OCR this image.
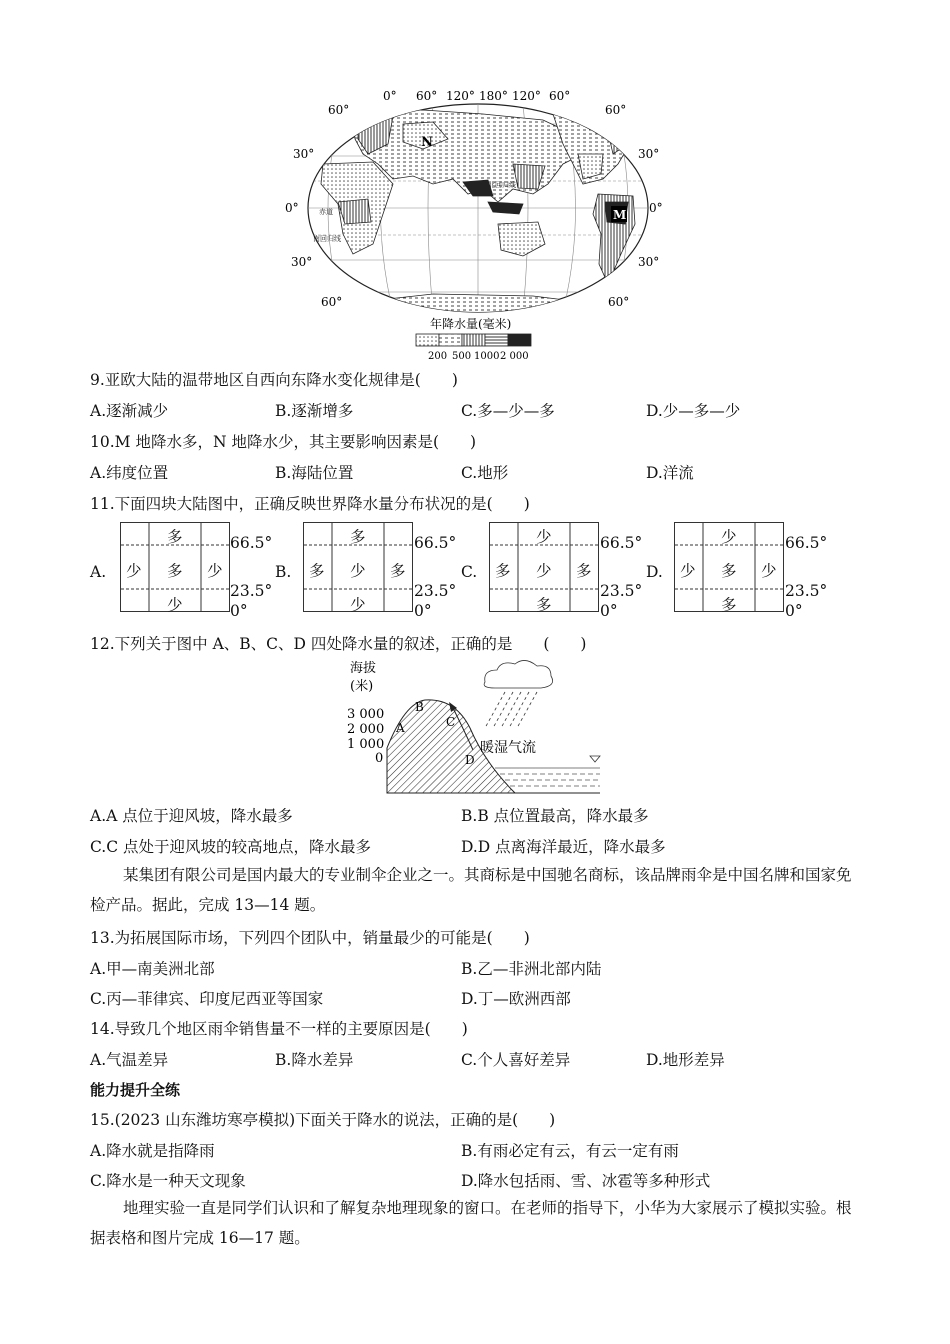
北回归线
赤道
南回归线
N
M
0° 60° 120° 180° 120° 60°
60°
30°
0°
30°
60°
60°
30°
0°
30°
60°
年降水量(毫米)
200 500 1000 2 000
9.亚欧大陆的温带地区自西向东降水变化规律是(　　)
A.逐渐减少	B.逐渐增多	C.多—少—多	D.少—多—少
10.M 地降水多，N 地降水少，其主要影响因素是(　　)
A.纬度位置	B.海陆位置	C.地形	D.洋流
11.下面四块大陆图中，正确反映世界降水量分布状况的是(　　)
A.
多
少 多 少
少
66.5°
23.5°
0°
B.
多
多 少 多
少
66.5°
23.5°
0°
C.
少
多 少 多
多
66.5°
23.5°
0°
D.
少
少 多 少
多
66.5°
23.5°
0°
12.下列关于图中 A、B、C、D 四处降水量的叙述，正确的是　　(　　)
暖湿气流
海拔
(米)
3 000
2 000
1 000
0
A
B
C
D
A.A 点位于迎风坡，降水最多	B.B 点位置最高，降水最多
C.C 点处于迎风坡的较高地点，降水最多	D.D 点离海洋最近，降水最多
某集团有限公司是国内最大的专业制伞企业之一。其商标是中国驰名商标，该品牌雨伞是中国名牌和国家免检产品。据此，完成 13—14 题。
13.为拓展国际市场，下列四个团队中，销量最少的可能是(　　)
A.甲—南美洲北部	B.乙—非洲北部内陆
C.丙—菲律宾、印度尼西亚等国家	D.丁—欧洲西部
14.导致几个地区雨伞销售量不一样的主要原因是(　　)
A.气温差异	B.降水差异	C.个人喜好差异	D.地形差异
能力提升全练
15.(2023 山东潍坊寒亭模拟)下面关于降水的说法，正确的是(　　)
A.降水就是指降雨	B.有雨必定有云，有云一定有雨
C.降水是一种天文现象	D.降水包括雨、雪、冰雹等多种形式
地理实验一直是同学们认识和了解复杂地理现象的窗口。在老师的指导下，小华为大家展示了模拟实验。根据表格和图片完成 16—17 题。
